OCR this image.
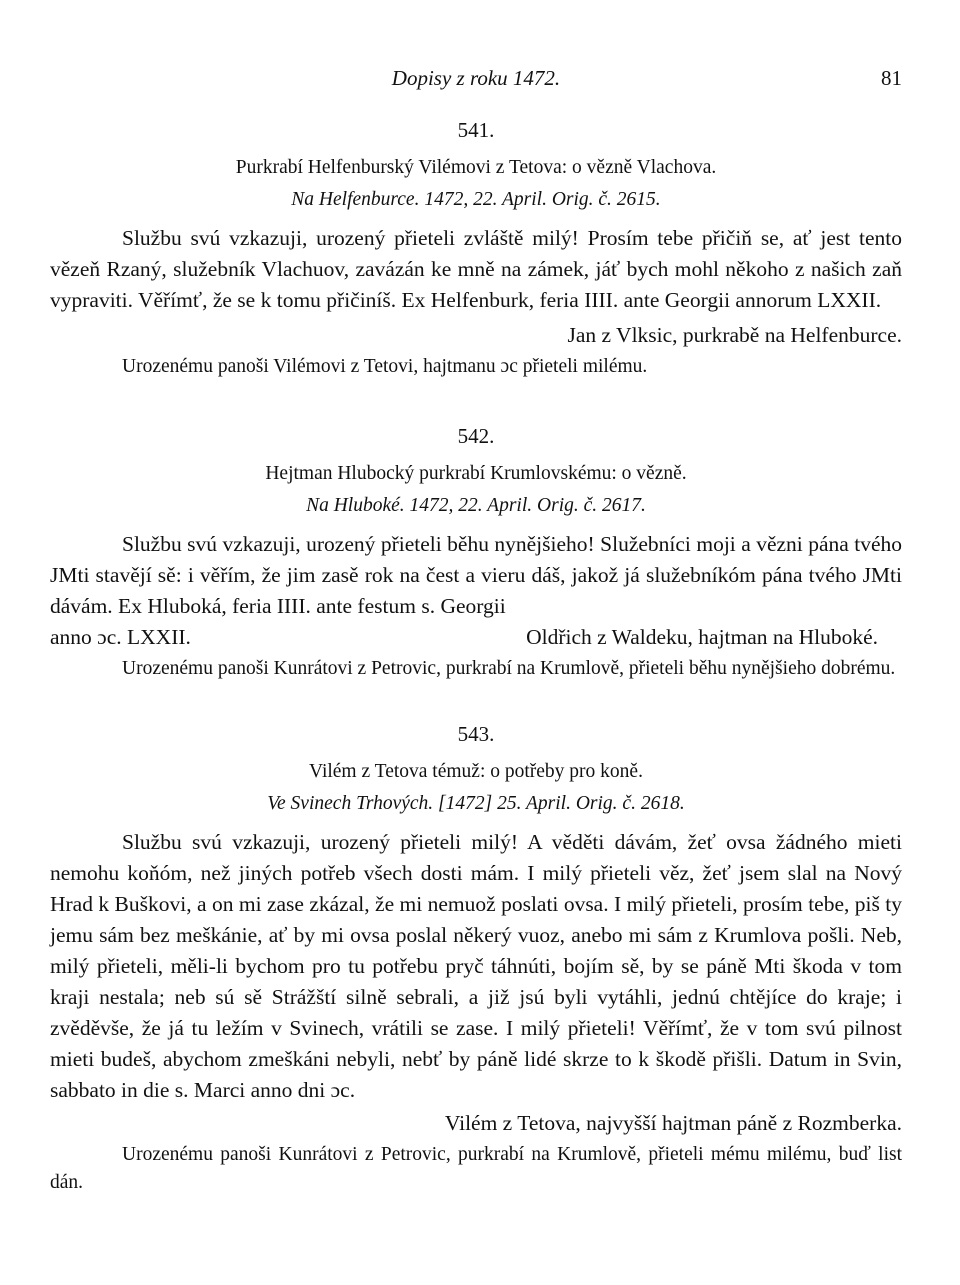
Dopisy z roku 1472.	81
541.
Purkrabí Helfenburský Vilémovi z Tetova: o vězně Vlachova.
Na Helfenburce. 1472, 22. April. Orig. č. 2615.

Službu svú vzkazuji, urozený přieteli zvláště milý! Prosím tebe přičiň se, ať jest tento vězeň Rzaný, služebník Vlachuov, zavázán ke mně na zámek, jáť bych mohl někoho z našich zaň vypraviti. Věřímť, že se k tomu přičiníš. Ex Helfenburk, feria IIII. ante Georgii annorum LXXII.

Jan z Vlksic, purkrabě na Helfenburce.

Urozenému panoši Vilémovi z Tetovi, hajtmanu ɔc přieteli milému.

542.
Hejtman Hlubocký purkrabí Krumlovskému: o vězně.
Na Hluboké. 1472, 22. April. Orig. č. 2617.

Službu svú vzkazuji, urozený přieteli běhu nynějšieho! Služebníci moji a vězni pána tvého JMti stavějí sě: i věřím, že jim zasě rok na čest a vieru dáš, jakož já služebníkóm pána tvého JMti dávám. Ex Hluboká, feria IIII. ante festum s. Georgii

anno ɔc. LXXII.	Oldřich z Waldeku, hajtman na Hluboké.

Urozenému panoši Kunrátovi z Petrovic, purkrabí na Krumlově, přieteli běhu nynějšieho dobrému.

543.
Vilém z Tetova témuž: o potřeby pro koně.
Ve Svinech Trhových. [1472] 25. April. Orig. č. 2618.

Službu svú vzkazuji, urozený přieteli milý! A věděti dávám, žeť ovsa žádného mieti nemohu koňóm, než jiných potřeb všech dosti mám. I milý přieteli věz, žeť jsem slal na Nový Hrad k Buškovi, a on mi zase zkázal, že mi nemuož poslati ovsa. I milý přieteli, prosím tebe, piš ty jemu sám bez meškánie, ať by mi ovsa poslal někerý vuoz, anebo mi sám z Krumlova pošli. Neb, milý přieteli, měli-li bychom pro tu potřebu pryč táhnúti, bojím sě, by se páně Mti škoda v tom kraji nestala; neb sú sě Strážští silně sebrali, a již jsú byli vytáhli, jednú chtějíce do kraje; i zvěděvše, že já tu ležím v Svinech, vrátili se zase. I milý přieteli! Věřímť, že v tom svú pilnost mieti budeš, abychom zmeškáni nebyli, nebť by páně lidé skrze to k škodě přišli. Datum in Svin, sabbato in die s. Marci anno dni ɔc.

Vilém z Tetova, najvyšší hajtman páně z Rozmberka.

Urozenému panoši Kunrátovi z Petrovic, purkrabí na Krumlově, přieteli mému milému, buď list dán.
